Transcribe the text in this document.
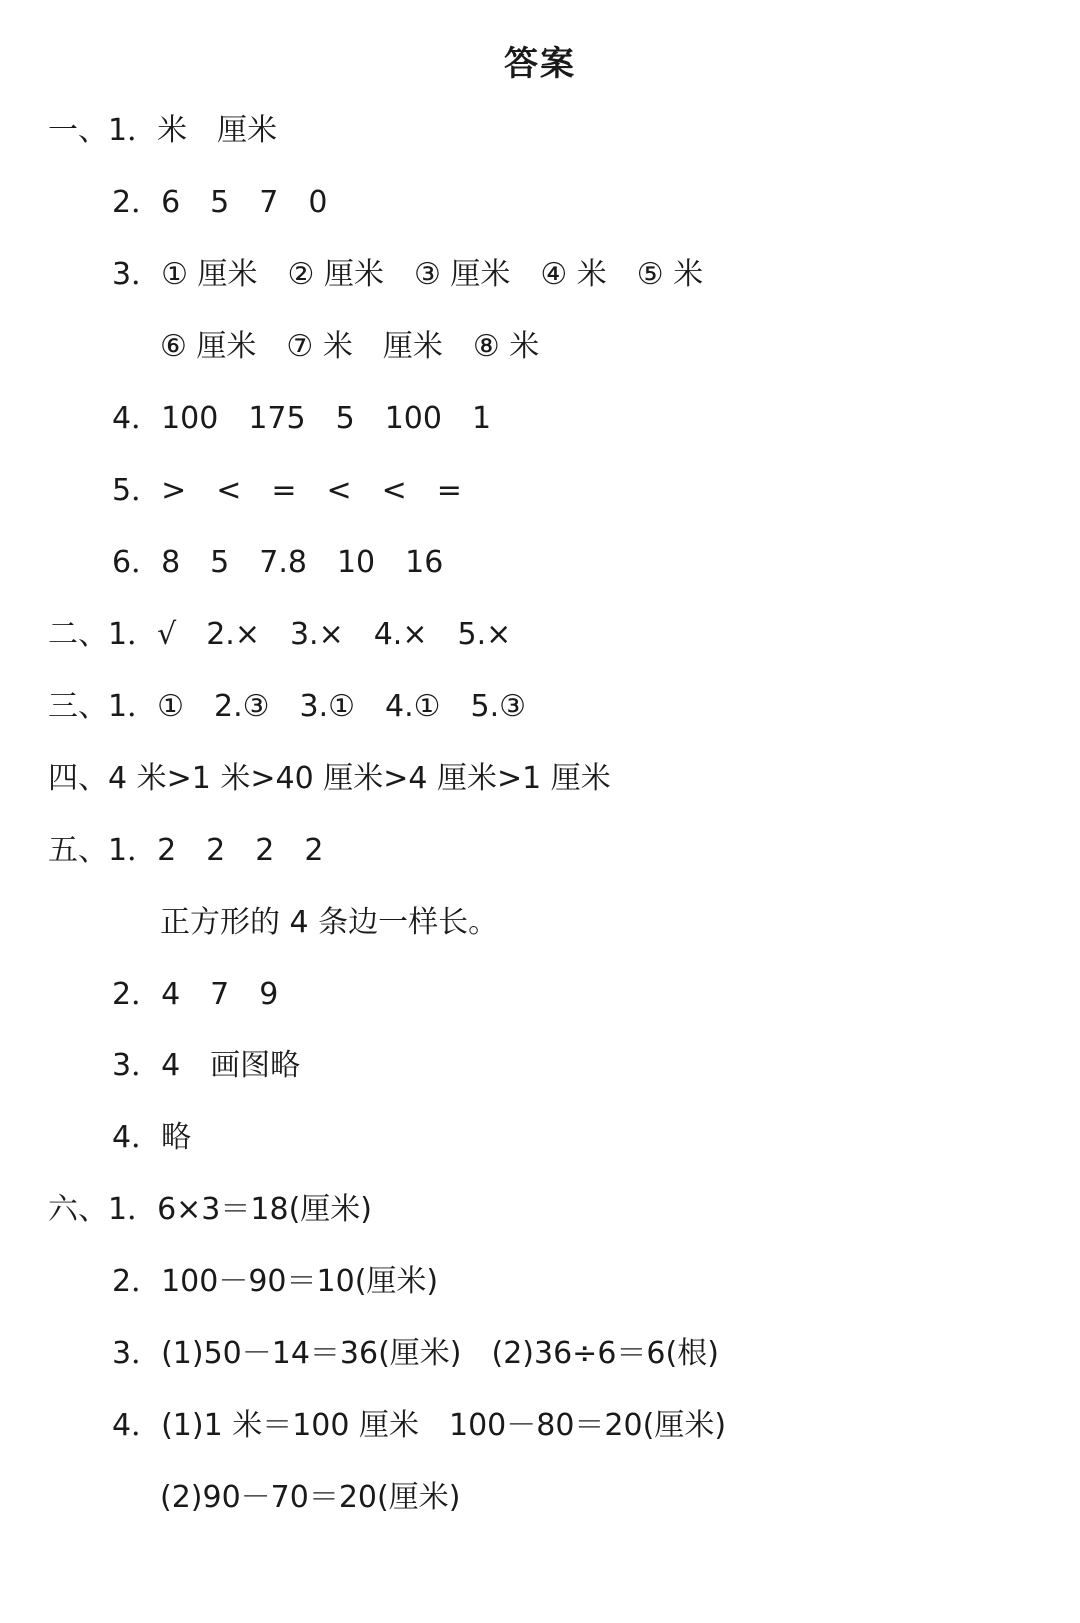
答案
一、1．米　厘米
2．6　5　7　0
3．① 厘米　② 厘米　③ 厘米　④ 米　⑤ 米
⑥ 厘米　⑦ 米　厘米　⑧ 米
4．100　175　5　100　1
5．>　<　=　<　<　=
6．8　5　7.8　10　16
二、1．√　2.×　3.×　4.×　5.×
三、1．①　2.③　3.①　4.①　5.③
四、4 米>1 米>40 厘米>4 厘米>1 厘米
五、1．2　2　2　2
正方形的 4 条边一样长。
2．4　7　9
3．4　画图略
4．略
六、1．6×3＝18(厘米)
2．100－90＝10(厘米)
3．(1)50－14＝36(厘米)　(2)36÷6＝6(根)
4．(1)1 米＝100 厘米　100－80＝20(厘米)
(2)90－70＝20(厘米)
